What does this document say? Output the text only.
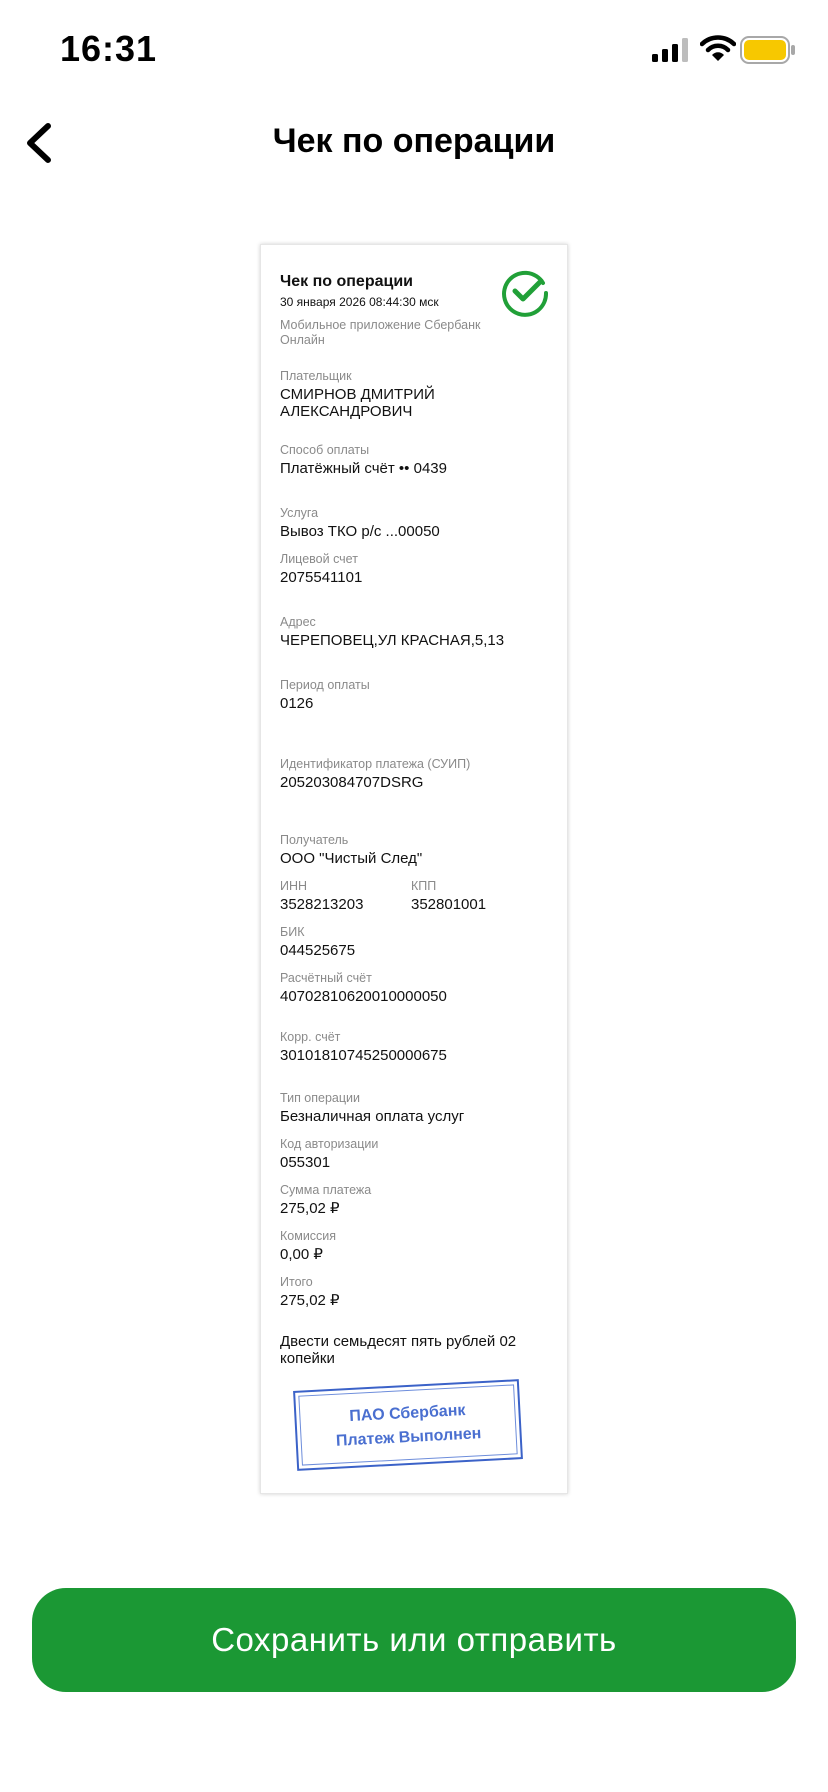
16:31
Чек по операции
Чек по операции
30 января 2026 08:44:30 мск
Мобильное приложение Сбербанк Онлайн
Плательщик
СМИРНОВ ДМИТРИЙ
АЛЕКСАНДРОВИЧ
Способ оплаты
Платёжный счёт •• 0439
Услуга
Вывоз ТКО р/с ...00050
Лицевой счет
2075541101
Адрес
ЧЕРЕПОВЕЦ,УЛ КРАСНАЯ,5,13
Период оплаты
0126
Идентификатор платежа (СУИП)
205203084707DSRG
Получатель
ООО "Чистый След"
ИНН
3528213203
КПП
352801001
БИК
044525675
Расчётный счёт
40702810620010000050
Корр. счёт
30101810745250000675
Тип операции
Безналичная оплата услуг
Код авторизации
055301
Сумма платежа
275,02 ₽
Комиссия
0,00 ₽
Итого
275,02 ₽
Двести семьдесят пять рублей 02
копейки
ПАО Сбербанк
Платеж Выполнен
Сохранить или отправить
